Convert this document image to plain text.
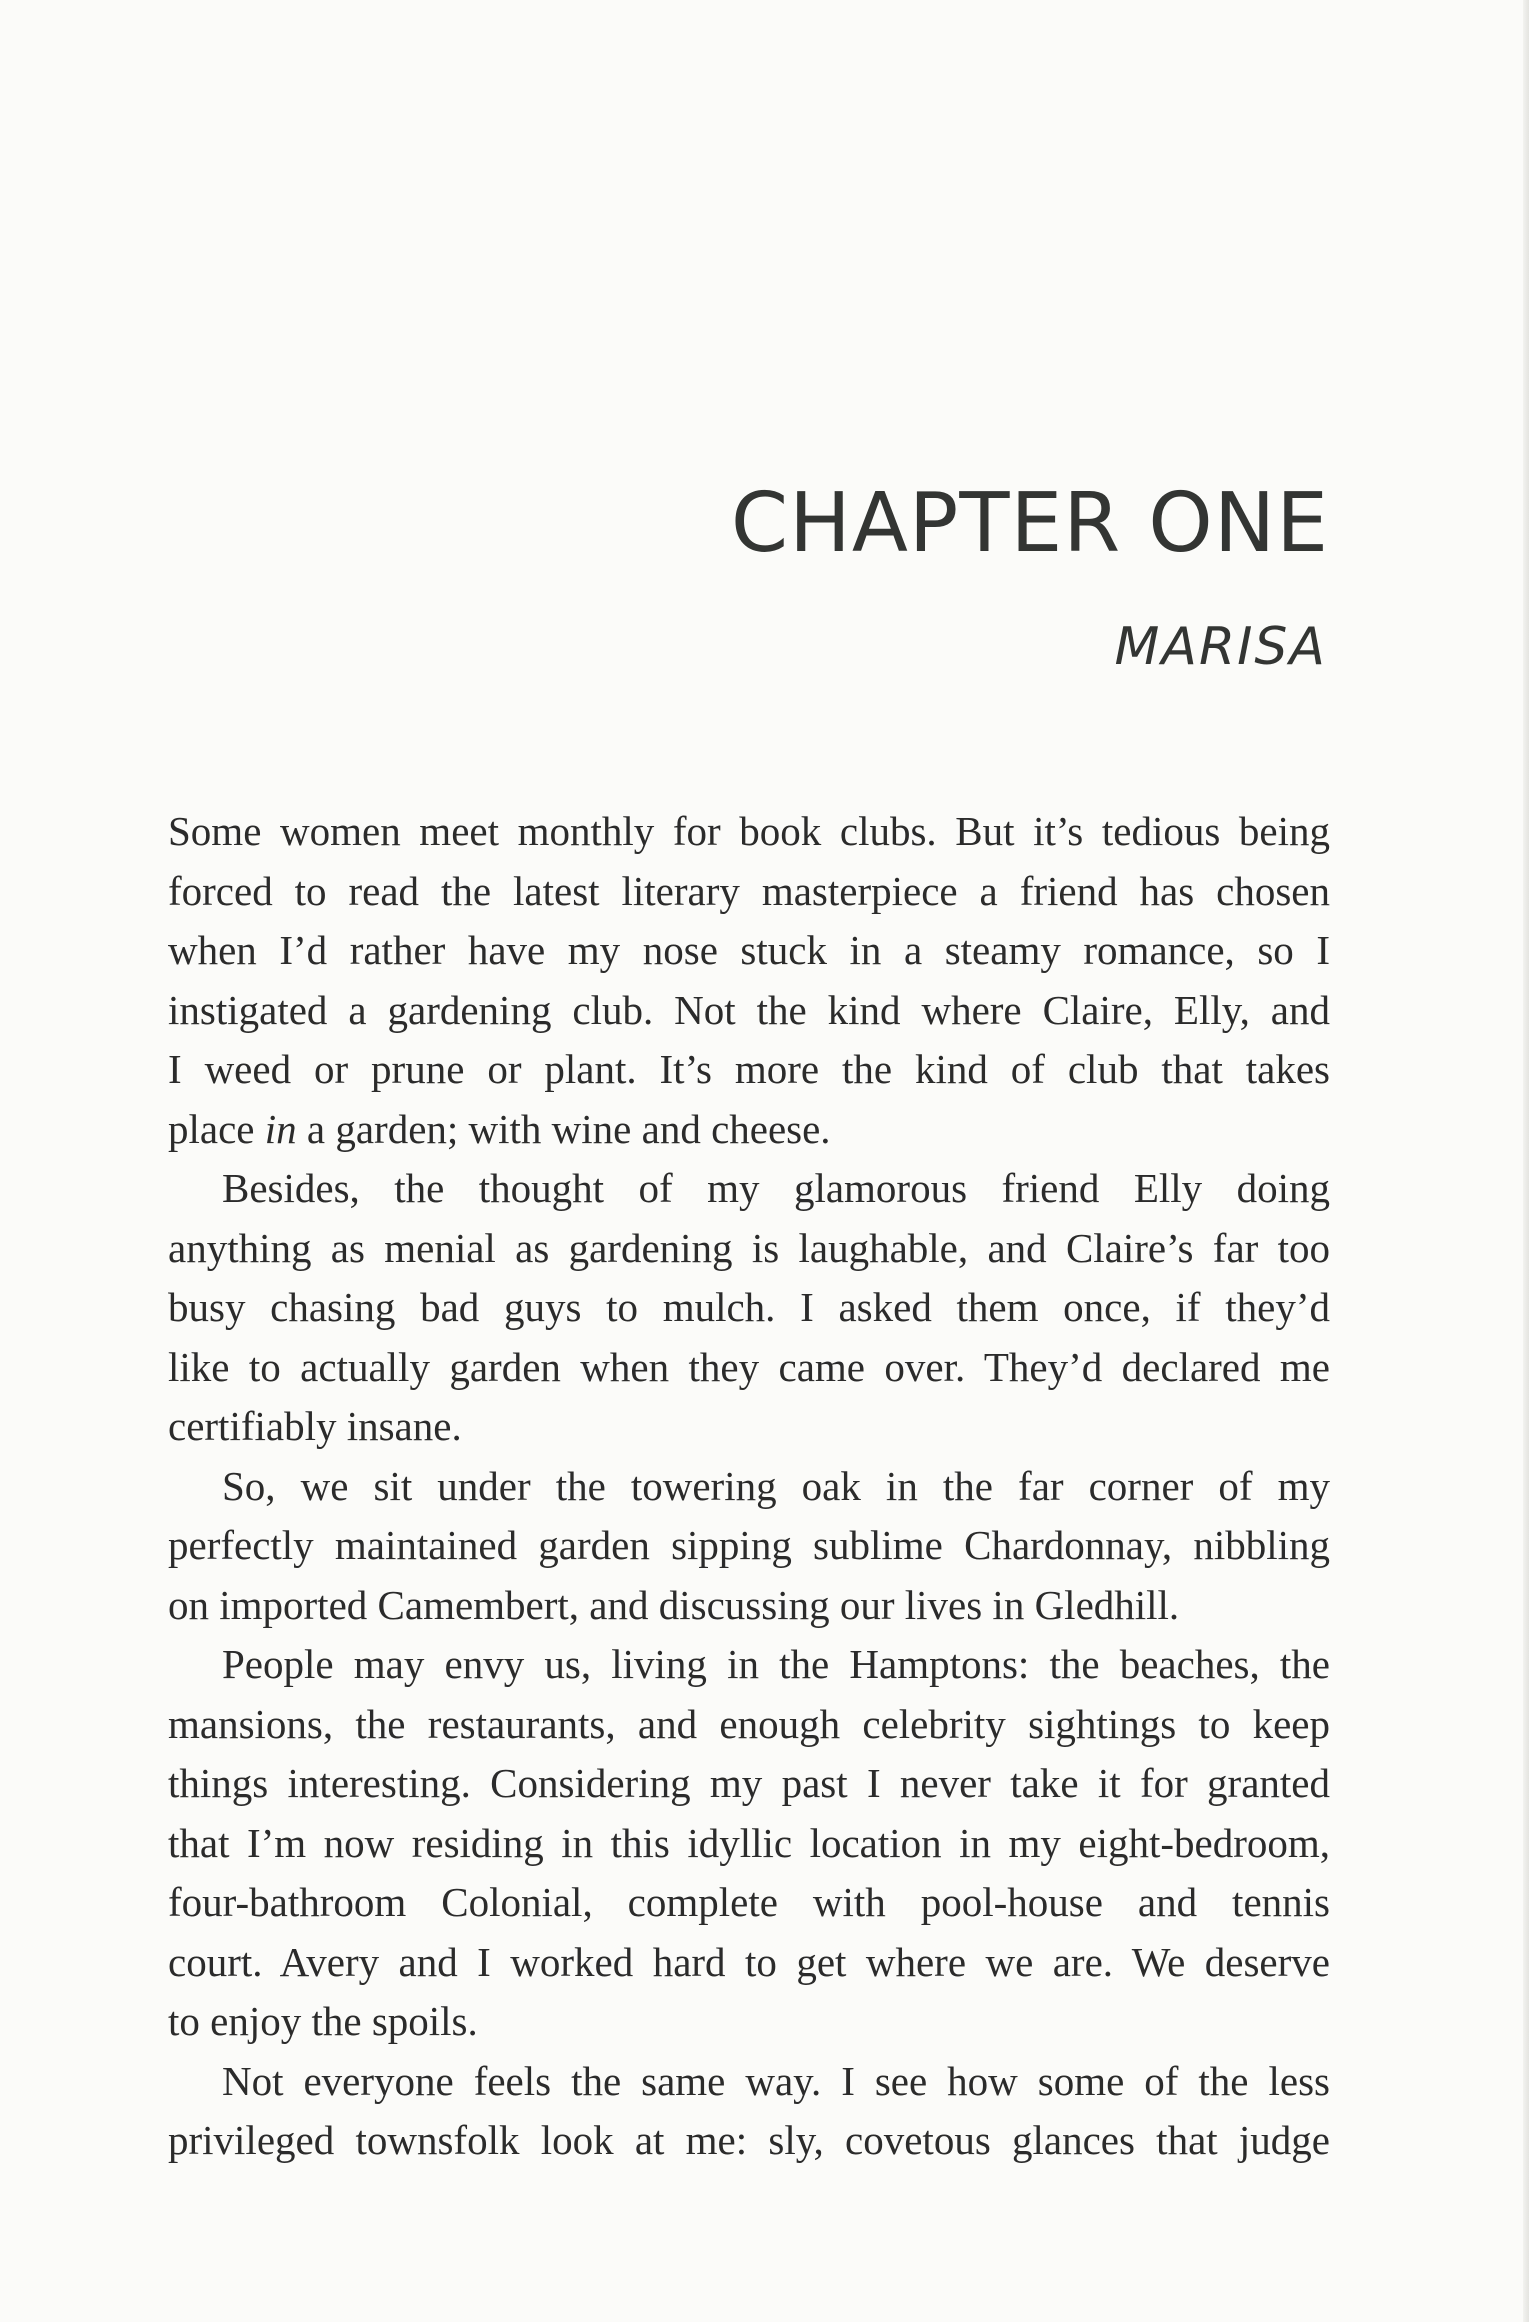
CHAPTER ONE
MARISA

Some women meet monthly for book clubs. But it’s tedious being
forced to read the latest literary masterpiece a friend has chosen
when I’d rather have my nose stuck in a steamy romance, so I
instigated a gardening club. Not the kind where Claire, Elly, and
I weed or prune or plant. It’s more the kind of club that takes
place in a garden; with wine and cheese.

Besides, the thought of my glamorous friend Elly doing
anything as menial as gardening is laughable, and Claire’s far too
busy chasing bad guys to mulch. I asked them once, if they’d
like to actually garden when they came over. They’d declared me
certifiably insane.

So, we sit under the towering oak in the far corner of my
perfectly maintained garden sipping sublime Chardonnay, nibbling
on imported Camembert, and discussing our lives in Gledhill.

People may envy us, living in the Hamptons: the beaches, the
mansions, the restaurants, and enough celebrity sightings to keep
things interesting. Considering my past I never take it for granted
that I’m now residing in this idyllic location in my eight-bedroom,
four-bathroom Colonial, complete with pool-house and tennis
court. Avery and I worked hard to get where we are. We deserve
to enjoy the spoils.

Not everyone feels the same way. I see how some of the less
privileged townsfolk look at me: sly, covetous glances that judge
